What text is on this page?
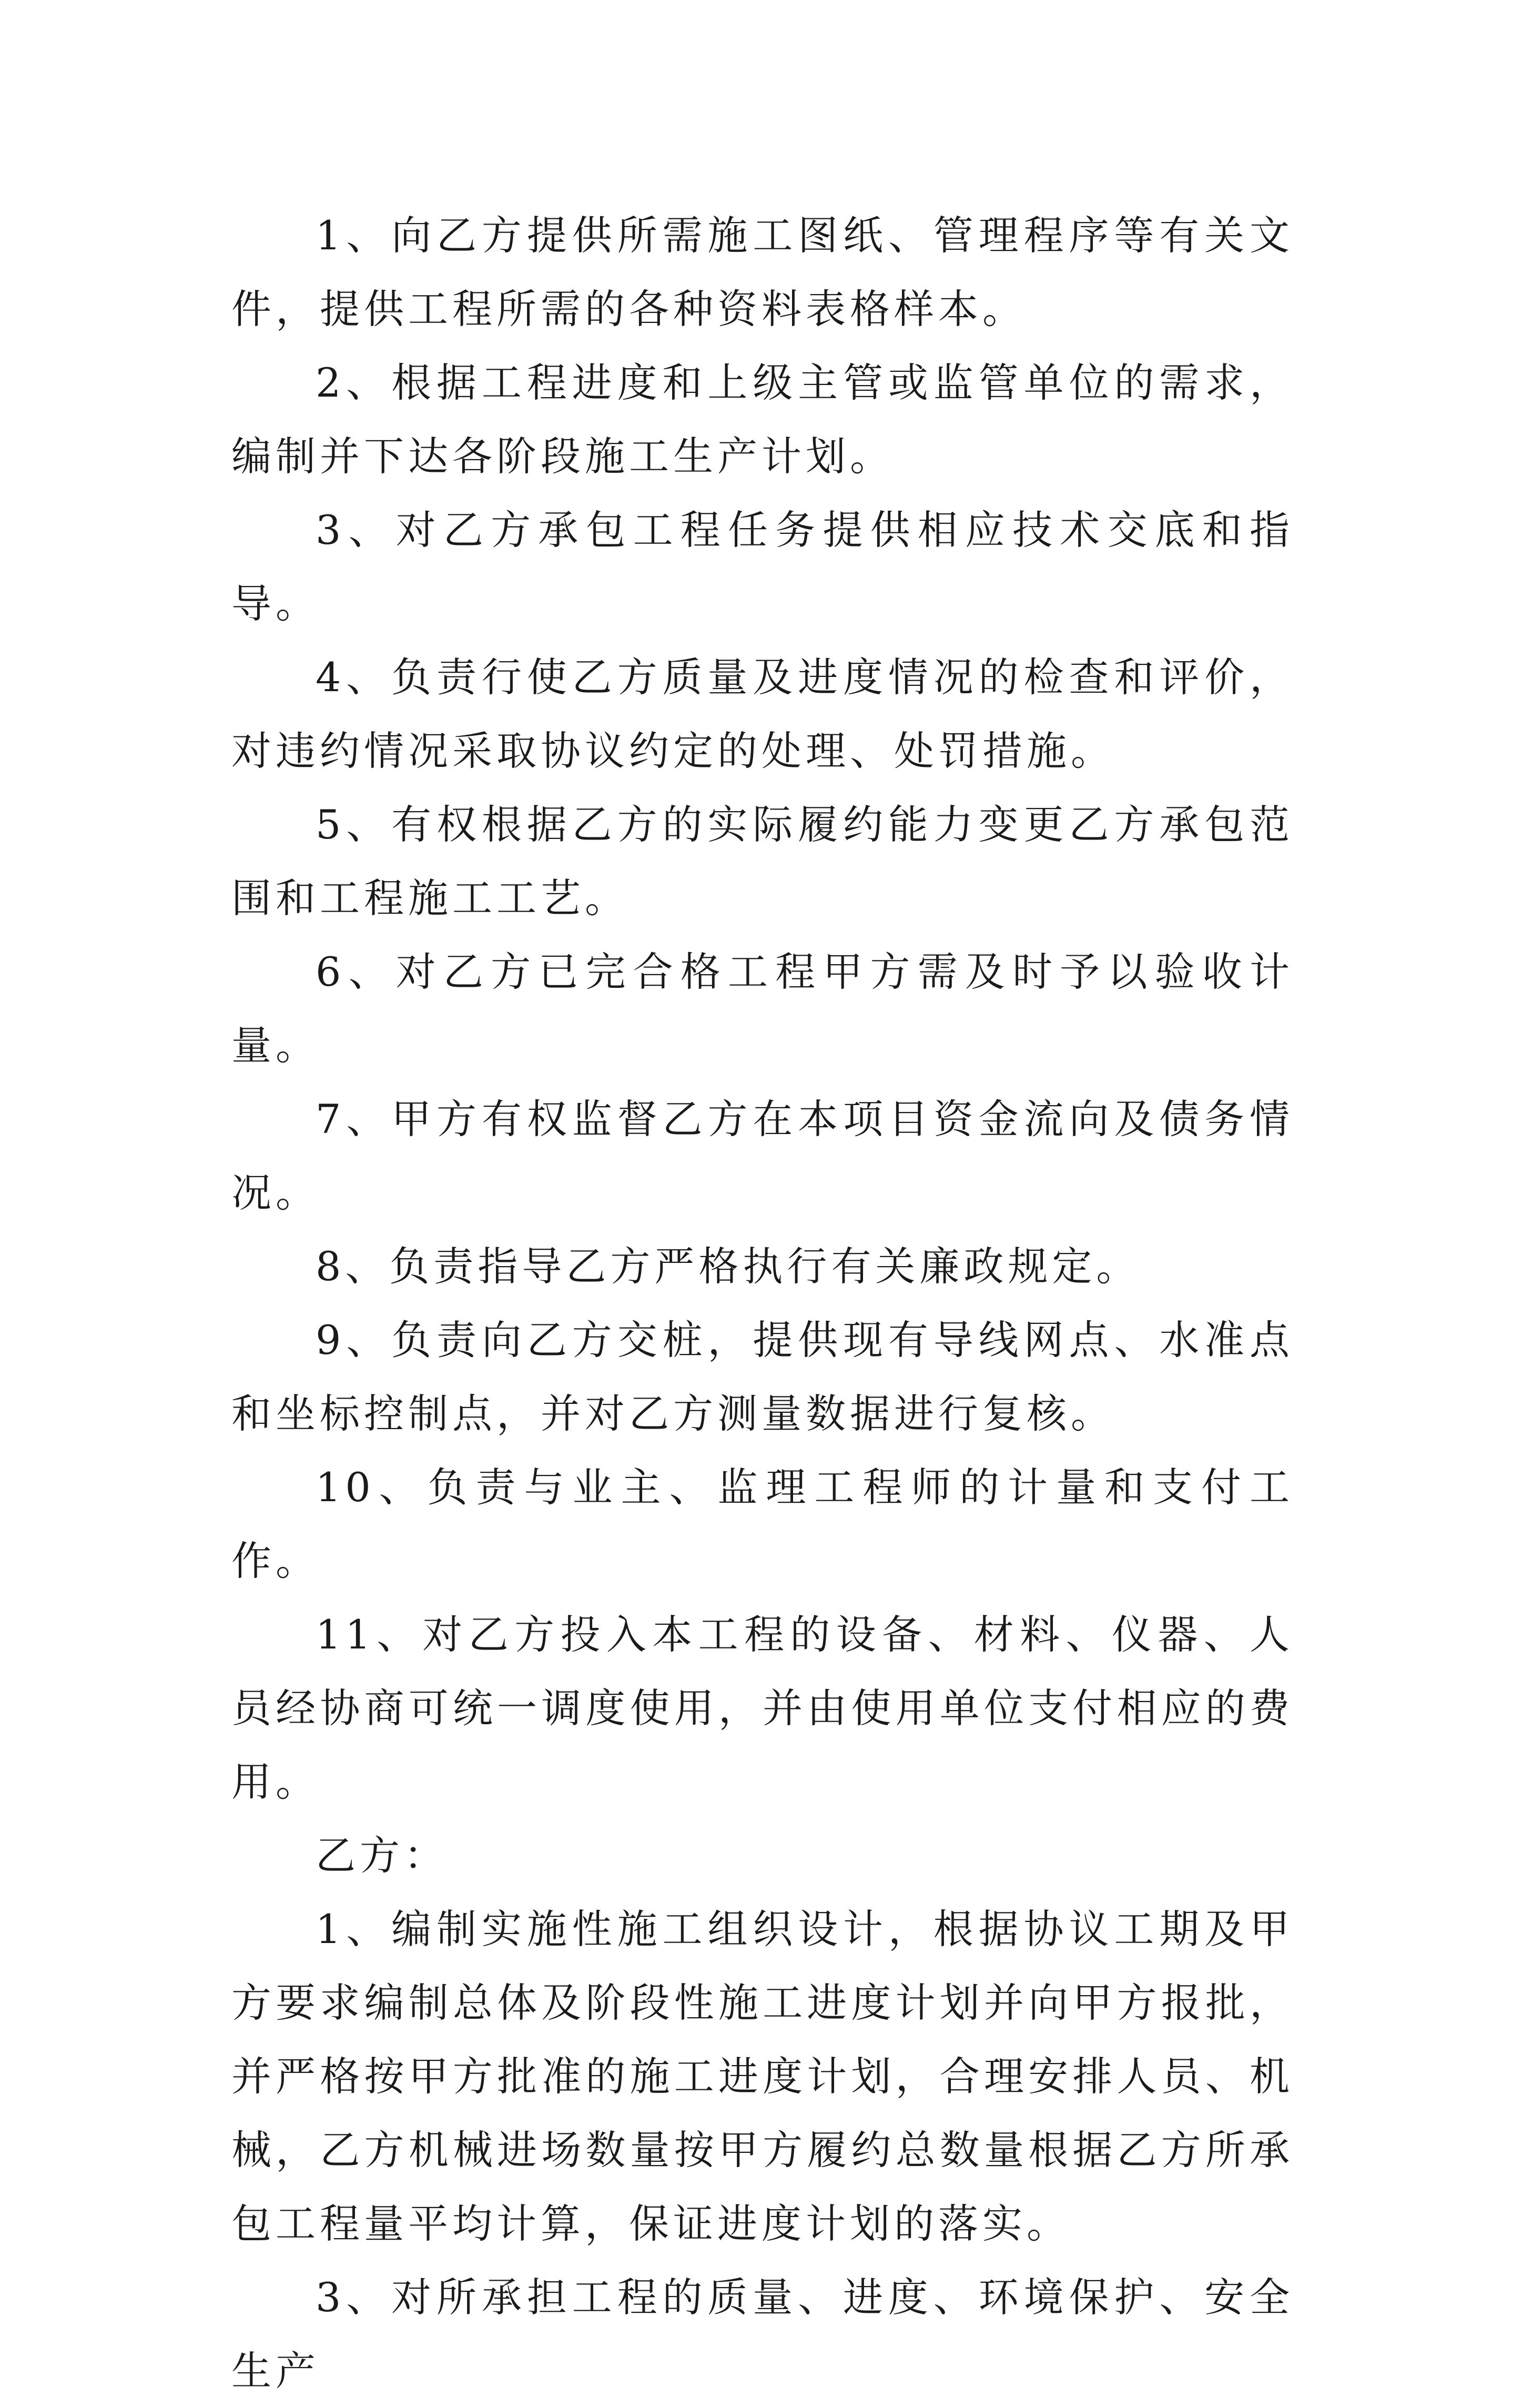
1、向乙方提供所需施工图纸、管理程序等有关文件，提供工程所需的各种资料表格样本。

2、根据工程进度和上级主管或监管单位的需求，编制并下达各阶段施工生产计划。

3、对乙方承包工程任务提供相应技术交底和指导。

4、负责行使乙方质量及进度情况的检查和评价，对违约情况采取协议约定的处理、处罚措施。

5、有权根据乙方的实际履约能力变更乙方承包范围和工程施工工艺。

6、对乙方已完合格工程甲方需及时予以验收计量。

7、甲方有权监督乙方在本项目资金流向及债务情况。

8、负责指导乙方严格执行有关廉政规定。

9、负责向乙方交桩，提供现有导线网点、水准点和坐标控制点，并对乙方测量数据进行复核。

10、负责与业主、监理工程师的计量和支付工作。

11、对乙方投入本工程的设备、材料、仪器、人员经协商可统一调度使用，并由使用单位支付相应的费用。

乙方：

1、编制实施性施工组织设计，根据协议工期及甲方要求编制总体及阶段性施工进度计划并向甲方报批，并严格按甲方批准的施工进度计划，合理安排人员、机械，乙方机械进场数量按甲方履约总数量根据乙方所承包工程量平均计算，保证进度计划的落实。

3、对所承担工程的质量、进度、环境保护、安全生产
